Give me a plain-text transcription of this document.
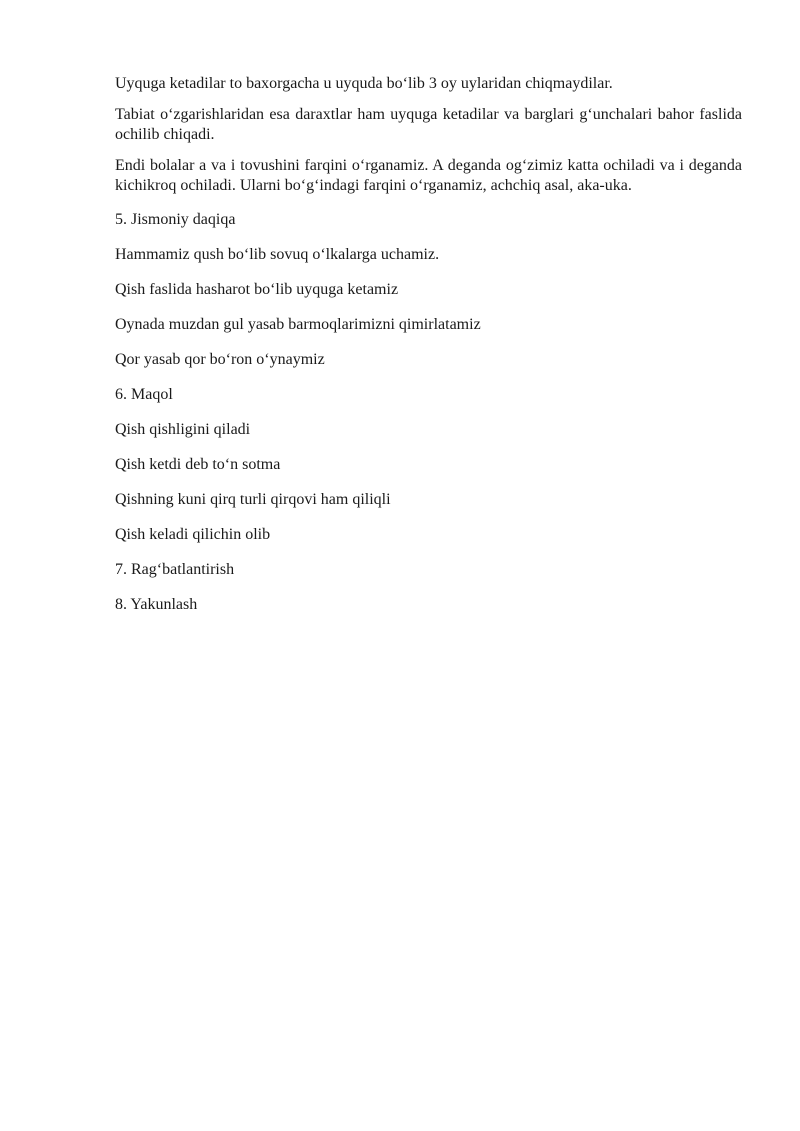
Uyquga ketadilar to baxorgacha u uyquda bo‘lib 3 oy uylaridan chiqmaydilar.

Tabiat o‘zgarishlaridan esa daraxtlar ham uyquga ketadilar va barglari g‘unchalari bahor faslida ochilib chiqadi.

Endi bolalar a va i tovushini farqini o‘rganamiz. A deganda og‘zimiz katta ochiladi va i deganda kichikroq ochiladi. Ularni bo‘g‘indagi farqini o‘rganamiz, achchiq asal, aka-uka.

5. Jismoniy daqiqa

Hammamiz qush bo‘lib sovuq o‘lkalarga uchamiz.

Qish faslida hasharot bo‘lib uyquga ketamiz

Oynada muzdan gul yasab barmoqlarimizni qimirlatamiz

Qor yasab qor bo‘ron o‘ynaymiz

6. Maqol

Qish qishligini qiladi

Qish ketdi deb to‘n sotma

Qishning kuni qirq turli qirqovi ham qiliqli

Qish keladi qilichin olib

7. Rag‘batlantirish

8. Yakunlash
